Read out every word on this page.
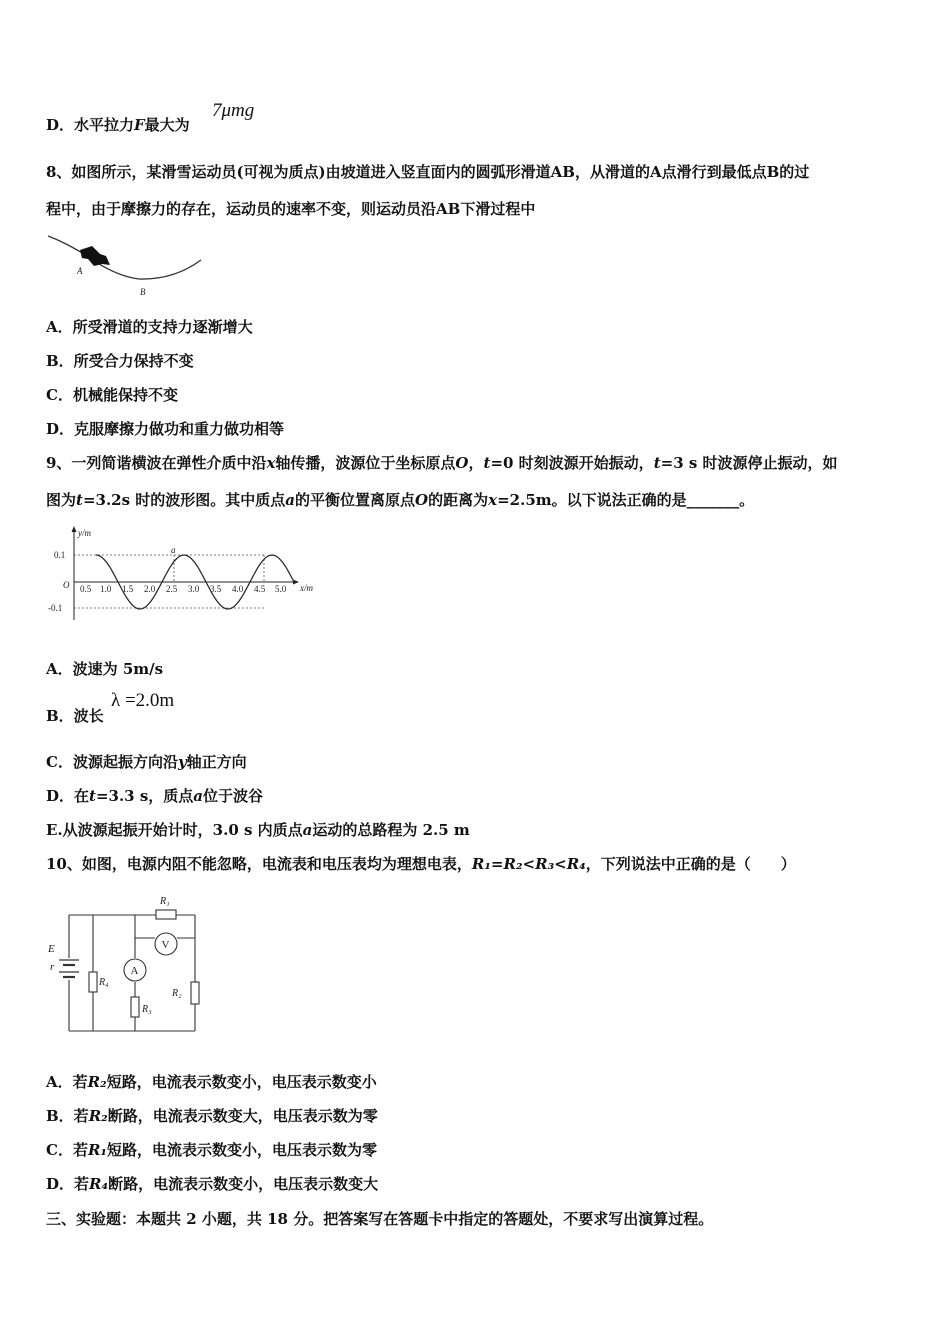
D．水平拉力F最大为
7μmg
8、如图所示，某滑雪运动员(可视为质点)由坡道进入竖直面内的圆弧形滑道AB，从滑道的A点滑行到最低点B的过
程中，由于摩擦力的存在，运动员的速率不变，则运动员沿AB下滑过程中
A
B
A．所受滑道的支持力逐渐增大
B．所受合力保持不变
C．机械能保持不变
D．克服摩擦力做功和重力做功相等
9、一列简谐横波在弹性介质中沿x轴传播，波源位于坐标原点O，t=0 时刻波源开始振动，t=3 s 时波源停止振动，如
图为t=3.2s 时的波形图。其中质点a的平衡位置离原点O的距离为x=2.5m。以下说法正确的是_______。
y/m
x/m
O
a
0.1
-0.1
0.5 1.0 1.5 2.0 2.5 3.0 3.5 4.0 4.5 5.0
A．波速为 5m/s
B．波长
λ =2.0m
C．波源起振方向沿y轴正方向
D．在t=3.3 s，质点a位于波谷
E.从波源起振开始计时，3.0 s 内质点a运动的总路程为 2.5 m
10、如图，电源内阻不能忽略，电流表和电压表均为理想电表，R₁=R₂<R₃<R₄，下列说法中正确的是（　　）
A
V
E
r
R₁
R₄
R₃
R₂
A．若R₂短路，电流表示数变小，电压表示数变小
B．若R₂断路，电流表示数变大，电压表示数为零
C．若R₁短路，电流表示数变小，电压表示数为零
D．若R₄断路，电流表示数变小，电压表示数变大
三、实验题：本题共 2 小题，共 18 分。把答案写在答题卡中指定的答题处，不要求写出演算过程。
